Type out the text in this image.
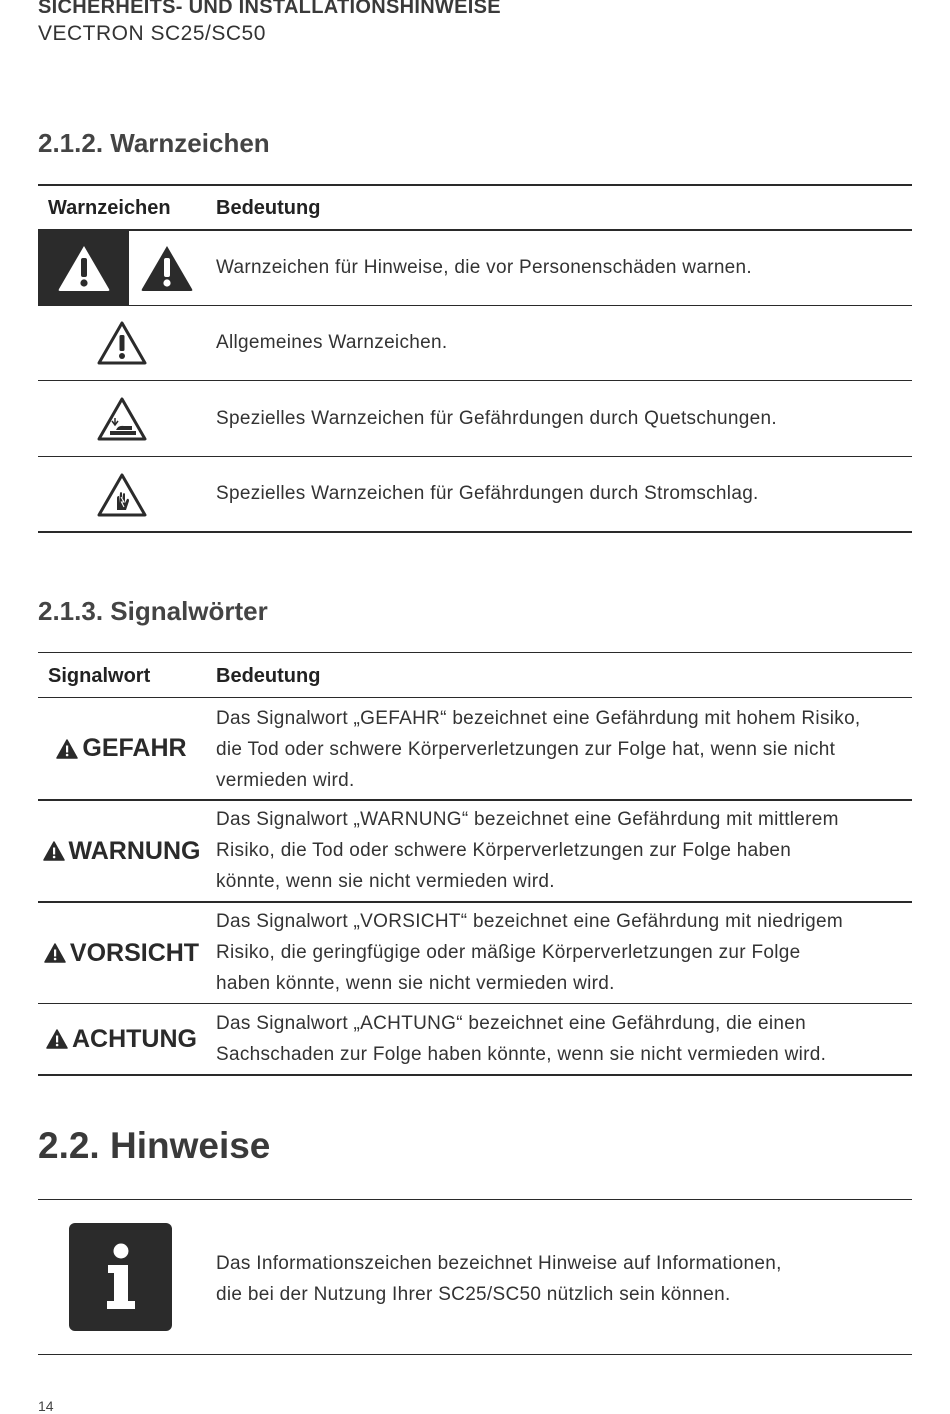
SICHERHEITS- UND INSTALLATIONSHINWEISE
VECTRON SC25/SC50
2.1.2. Warnzeichen
Warnzeichen Bedeutung
Warnzeichen für Hinweise, die vor Personenschäden warnen.
Allgemeines Warnzeichen.
Spezielles Warnzeichen für Gefährdungen durch Quetschungen.
Spezielles Warnzeichen für Gefährdungen durch Stromschlag.
2.1.3. Signalwörter
Signalwort	Bedeutung
GEFAHR
Das Signalwort „GEFAHR“ bezeichnet eine Gefährdung mit hohem Risiko,
die Tod oder schwere Körperverletzungen zur Folge hat, wenn sie nicht
vermieden wird.
WARNUNG
Das Signalwort „WARNUNG“ bezeichnet eine Gefährdung mit mittlerem
Risiko, die Tod oder schwere Körperverletzungen zur Folge haben
könnte, wenn sie nicht vermieden wird.
VORSICHT
Das Signalwort „VORSICHT“ bezeichnet eine Gefährdung mit niedrigem
Risiko, die geringfügige oder mäßige Körperverletzungen zur Folge
haben könnte, wenn sie nicht vermieden wird.
ACHTUNG
Das Signalwort „ACHTUNG“ bezeichnet eine Gefährdung, die einen
Sachschaden zur Folge haben könnte, wenn sie nicht vermieden wird.
2.2. Hinweise
Das Informationszeichen bezeichnet Hinweise auf Informationen,
die bei der Nutzung Ihrer SC25/SC50 nützlich sein können.
14
